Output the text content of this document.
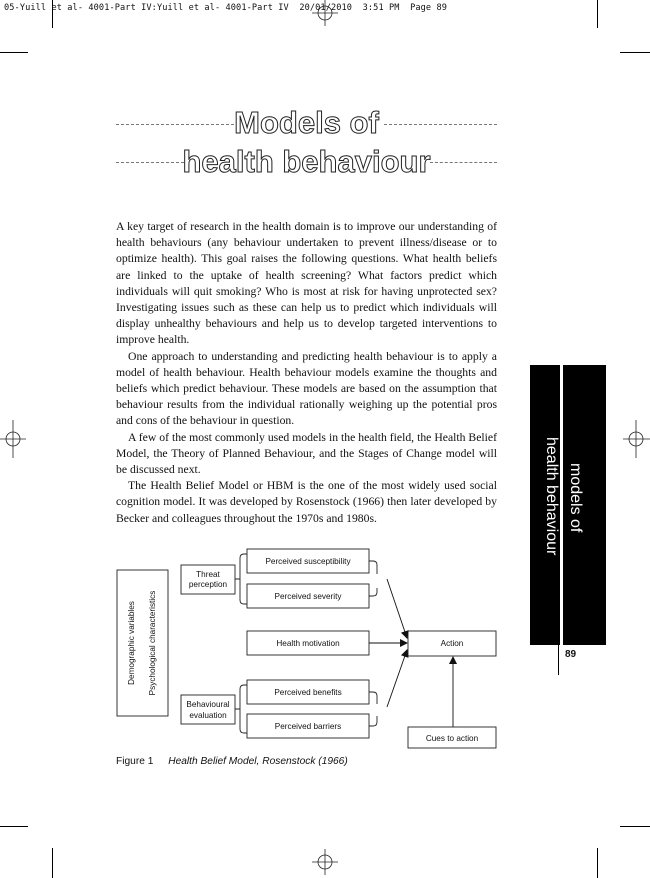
05-Yuill et al- 4001-Part IV:Yuill et al- 4001-Part IV  20/01/2010  3:51 PM  Page 89
Models of
health behaviour

A key target of research in the health domain is to improve our understanding of health behaviours (any behaviour undertaken to prevent illness/disease or to optimize health). This goal raises the following questions. What health beliefs are linked to the uptake of health screening? What factors predict which individuals will quit smoking? Who is most at risk for having unprotected sex? Investigating issues such as these can help us to predict which individuals will display unhealthy behaviours and help us to develop targeted interventions to improve health.

One approach to understanding and predicting health behaviour is to apply a model of health behaviour. Health behaviour models examine the thoughts and beliefs which predict behaviour. These models are based on the assumption that behaviour results from the individual rationally weighing up the potential pros and cons of the behaviour in question.

A few of the most commonly used models in the health field, the Health Belief Model, the Theory of Planned Behaviour, and the Stages of Change model will be discussed next.

The Health Belief Model or HBM is the one of the most widely used social cognition model. It was developed by Rosenstock (1966) then later developed by Becker and colleagues throughout the 1970s and 1980s.	models of
health behaviour
89
Demographic variables Psychological characteristics
Threat
perception
Behavioural
evaluation
Perceived susceptibility
Perceived severity
Health motivation
Perceived benefits
Perceived barriers
Action
Cues to action
Figure 1 Health Belief Model, Rosenstock (1966)
